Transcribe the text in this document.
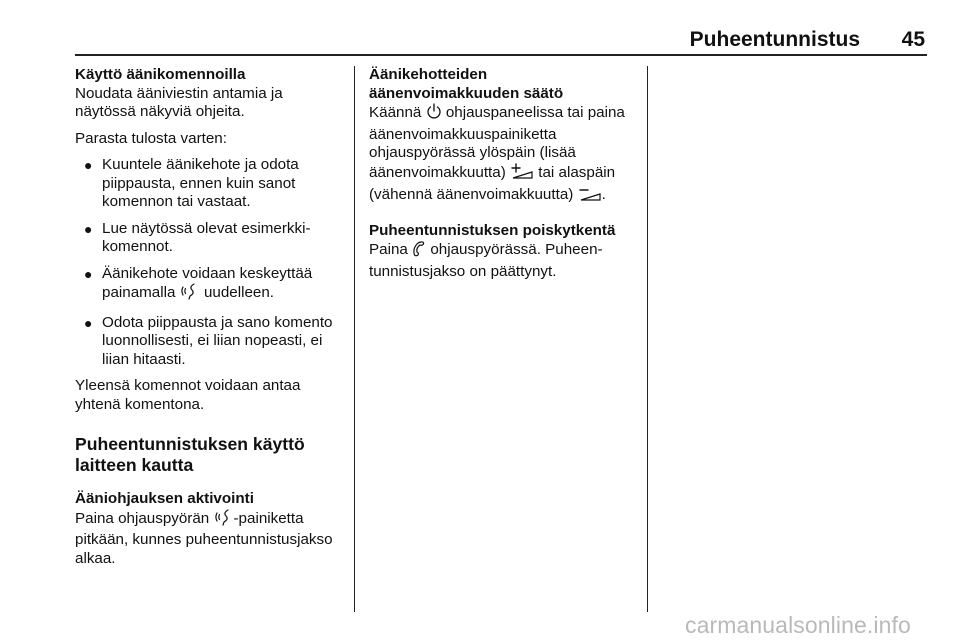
Puheentunnistus 45

Käyttö äänikomennoilla

Noudata ääniviestin antamia ja näytössä näkyviä ohjeita.

Parasta tulosta varten:

● Kuuntele äänikehote ja odota piippausta, ennen kuin sanot komennon tai vastaat.
● Lue näytössä olevat esimerkkikomennot.
● Äänikehote voidaan keskeyttää painamalla uudelleen.
● Odota piippausta ja sano komento luonnollisesti, ei liian nopeasti, ei liian hitaasti.

Yleensä komennot voidaan antaa yhtenä komentona.

Puheentunnistuksen käyttö laitteen kautta

Ääniohjauksen aktivointi

Paina ohjauspyörän -painiketta pitkään, kunnes puheentunnistusjakso alkaa.

Äänikehotteiden äänenvoimakkuuden säätö

Käännä ohjauspaneelissa tai paina äänenvoimakkuuspainiketta ohjauspyörässä ylöspäin (lisää äänenvoimakkuutta) tai alaspäin (vähennä äänenvoimakkuutta) .

Puheentunnistuksen poiskytkentä

Paina ohjauspyörässä. Puheentunnistusjakso on päättynyt.

carmanualsonline.info
